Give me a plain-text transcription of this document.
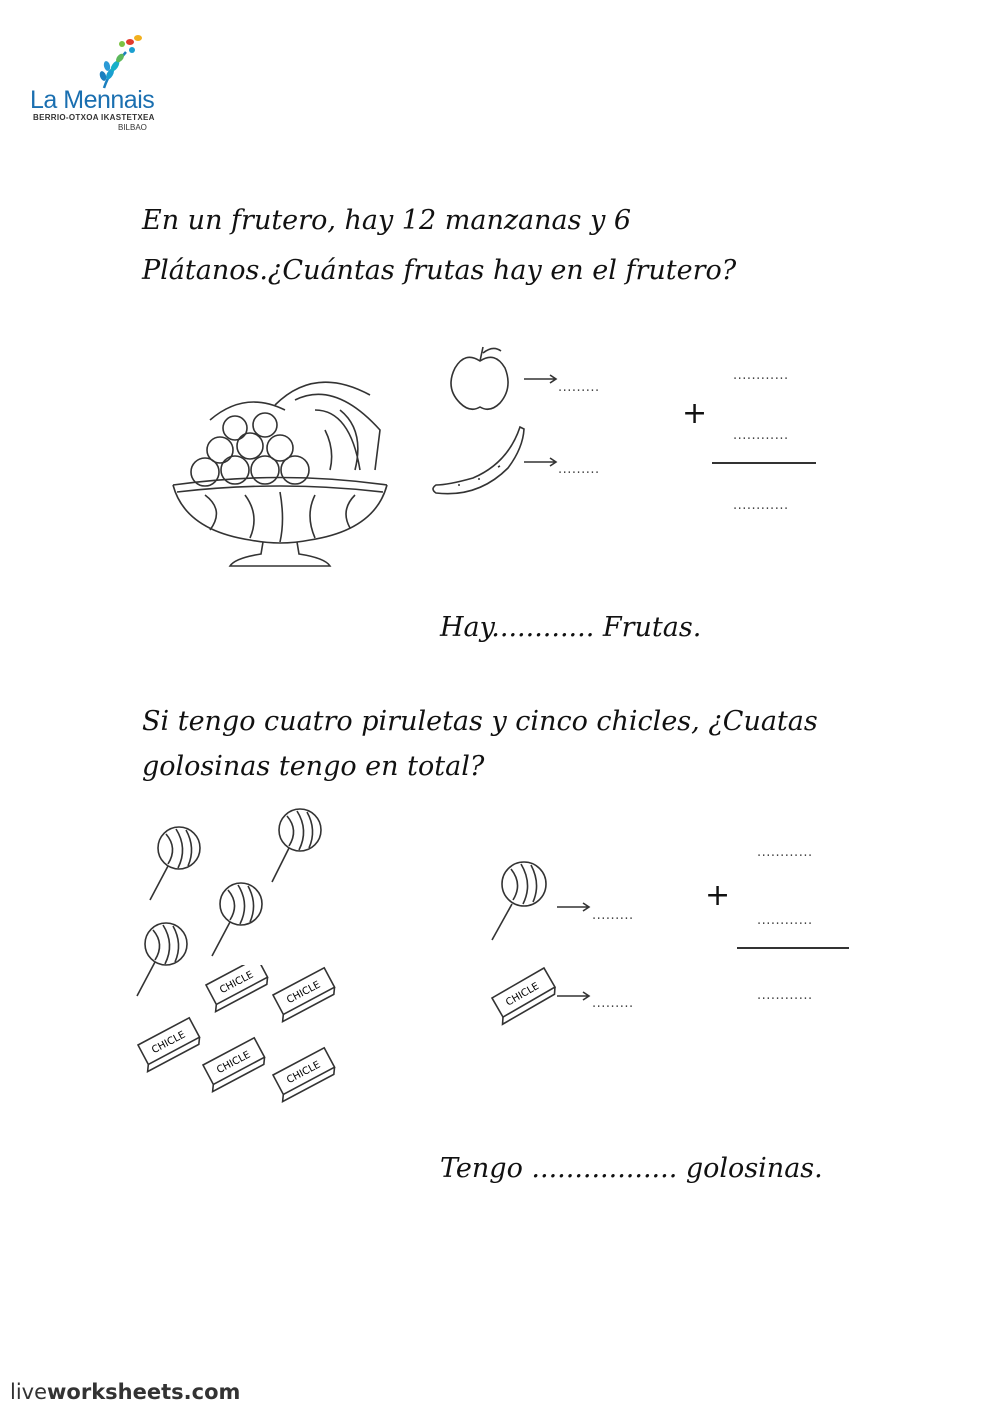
La Mennais
BERRIO-OTXOA IKASTETXEA
BILBAO
En un frutero, hay 12 manzanas y 6
Plátanos.¿Cuántas frutas hay en el frutero?
.........
.........
............
+
............
............
Hay............ Frutas.
Si tengo cuatro piruletas y cinco chicles, ¿Cuatas
golosinas tengo en total?
CHICLE	CHICLE
CHICLE
CHICLE	CHICLE
CHICLE
.........
.........
............
+
............
............
Tengo ................. golosinas.
liveworksheets.com
